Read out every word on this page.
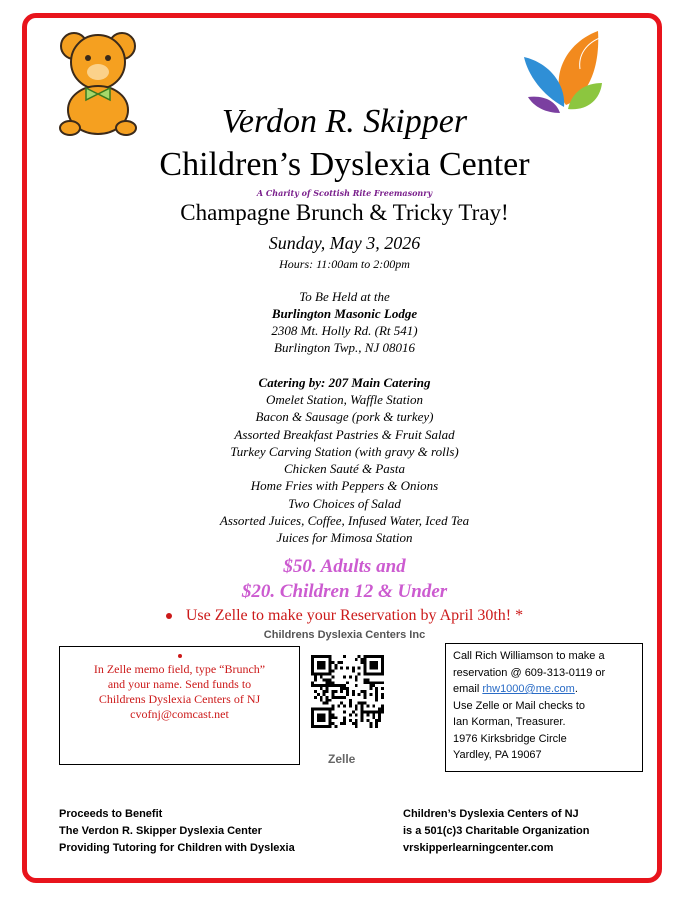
Verdon R. Skipper
Children’s Dyslexia Center
A Charity of Scottish Rite Freemasonry
Champagne Brunch & Tricky Tray!
Sunday, May 3, 2026
Hours: 11:00am to 2:00pm
To Be Held at the
Burlington Masonic Lodge
2308 Mt. Holly Rd. (Rt 541)
Burlington Twp., NJ 08016
Catering by: 207 Main Catering
Omelet Station, Waffle Station
Bacon & Sausage (pork & turkey)
Assorted Breakfast Pastries & Fruit Salad
Turkey Carving Station (with gravy & rolls)
Chicken Sauté & Pasta
Home Fries with Peppers & Onions
Two Choices of Salad
Assorted Juices, Coffee, Infused Water, Iced Tea
Juices for Mimosa Station
$50. Adults and
$20. Children 12 & Under
Use Zelle to make your Reservation by April 30th! *
Childrens Dyslexia Centers Inc
In Zelle memo field, type “Brunch”
and your name. Send funds to
Childrens Dyslexia Centers of NJ
cvofnj@comcast.net
Zelle
Call Rich Williamson to make a
reservation @ 609-313-0119 or
email rhw1000@me.com.
Use Zelle or Mail checks to
Ian Korman, Treasurer.
1976 Kirksbridge Circle
Yardley, PA 19067
Proceeds to Benefit
The Verdon R. Skipper Dyslexia Center
Providing Tutoring for Children with Dyslexia
Children’s Dyslexia Centers of NJ
is a 501(c)3 Charitable Organization
vrskipperlearningcenter.com
